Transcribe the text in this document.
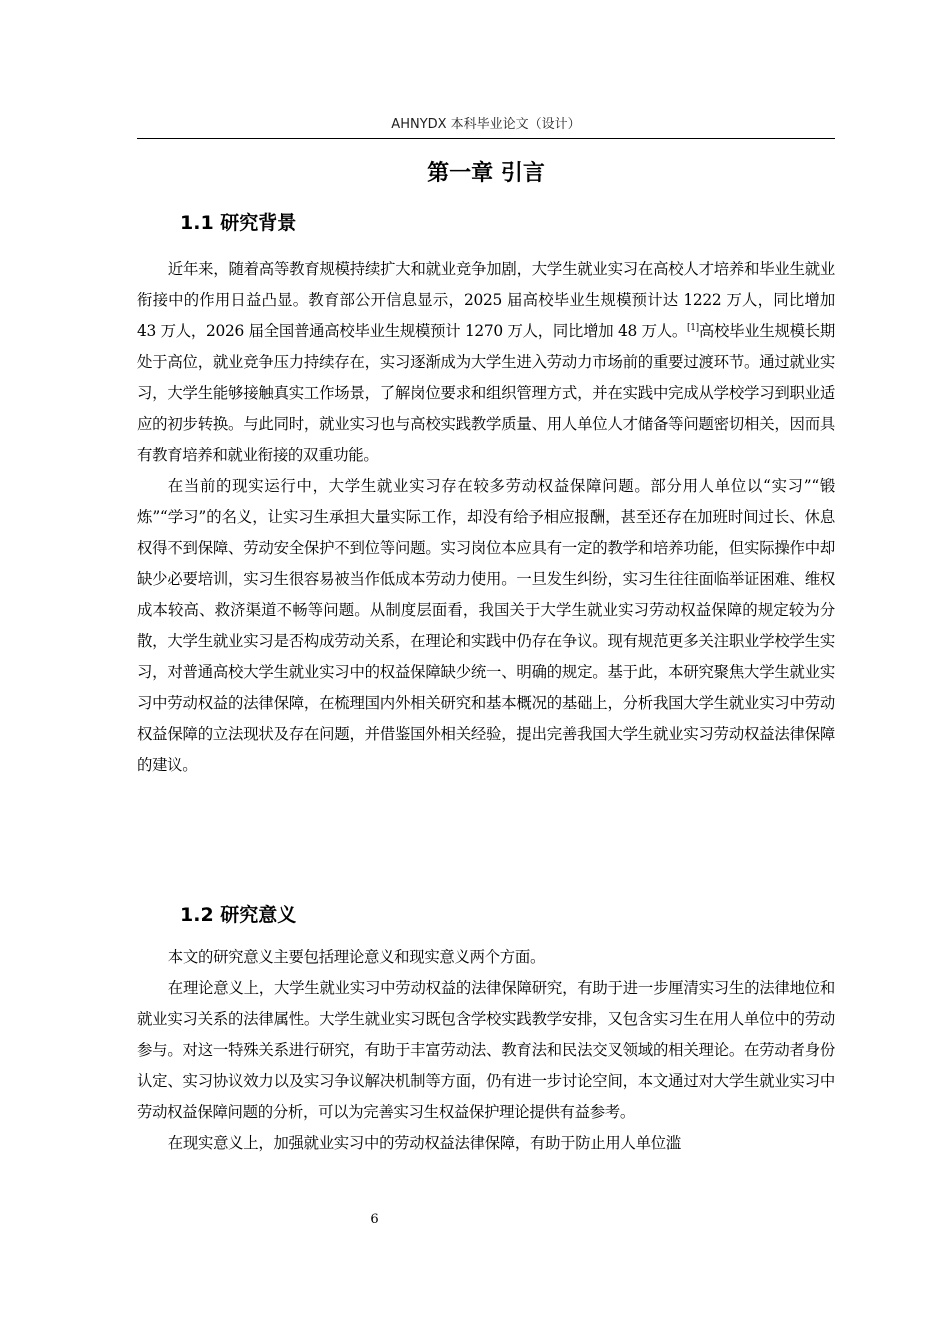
AHNYDX 本科毕业论文（设计）
第一章 引言
1.1 研究背景

近年来，随着高等教育规模持续扩大和就业竞争加剧，大学生就业实习在高校人才培养和毕业生就业衔接中的作用日益凸显。教育部公开信息显示，2025 届高校毕业生规模预计达 1222 万人，同比增加 43 万人，2026 届全国普通高校毕业生规模预计 1270 万人，同比增加 48 万人。[1]高校毕业生规模长期处于高位，就业竞争压力持续存在，实习逐渐成为大学生进入劳动力市场前的重要过渡环节。通过就业实习，大学生能够接触真实工作场景，了解岗位要求和组织管理方式，并在实践中完成从学校学习到职业适应的初步转换。与此同时，就业实习也与高校实践教学质量、用人单位人才储备等问题密切相关，因而具有教育培养和就业衔接的双重功能。

在当前的现实运行中，大学生就业实习存在较多劳动权益保障问题。部分用人单位以“实习”“锻炼”“学习”的名义，让实习生承担大量实际工作，却没有给予相应报酬，甚至还存在加班时间过长、休息权得不到保障、劳动安全保护不到位等问题。实习岗位本应具有一定的教学和培养功能，但实际操作中却缺少必要培训，实习生很容易被当作低成本劳动力使用。一旦发生纠纷，实习生往往面临举证困难、维权成本较高、救济渠道不畅等问题。从制度层面看，我国关于大学生就业实习劳动权益保障的规定较为分散，大学生就业实习是否构成劳动关系，在理论和实践中仍存在争议。现有规范更多关注职业学校学生实习，对普通高校大学生就业实习中的权益保障缺少统一、明确的规定。基于此，本研究聚焦大学生就业实习中劳动权益的法律保障，在梳理国内外相关研究和基本概况的基础上，分析我国大学生就业实习中劳动权益保障的立法现状及存在问题，并借鉴国外相关经验，提出完善我国大学生就业实习劳动权益法律保障的建议。

1.2 研究意义

本文的研究意义主要包括理论意义和现实意义两个方面。

在理论意义上，大学生就业实习中劳动权益的法律保障研究，有助于进一步厘清实习生的法律地位和就业实习关系的法律属性。大学生就业实习既包含学校实践教学安排，又包含实习生在用人单位中的劳动参与。对这一特殊关系进行研究，有助于丰富劳动法、教育法和民法交叉领域的相关理论。在劳动者身份认定、实习协议效力以及实习争议解决机制等方面，仍有进一步讨论空间，本文通过对大学生就业实习中劳动权益保障问题的分析，可以为完善实习生权益保护理论提供有益参考。

在现实意义上，加强就业实习中的劳动权益法律保障，有助于防止用人单位滥

6
